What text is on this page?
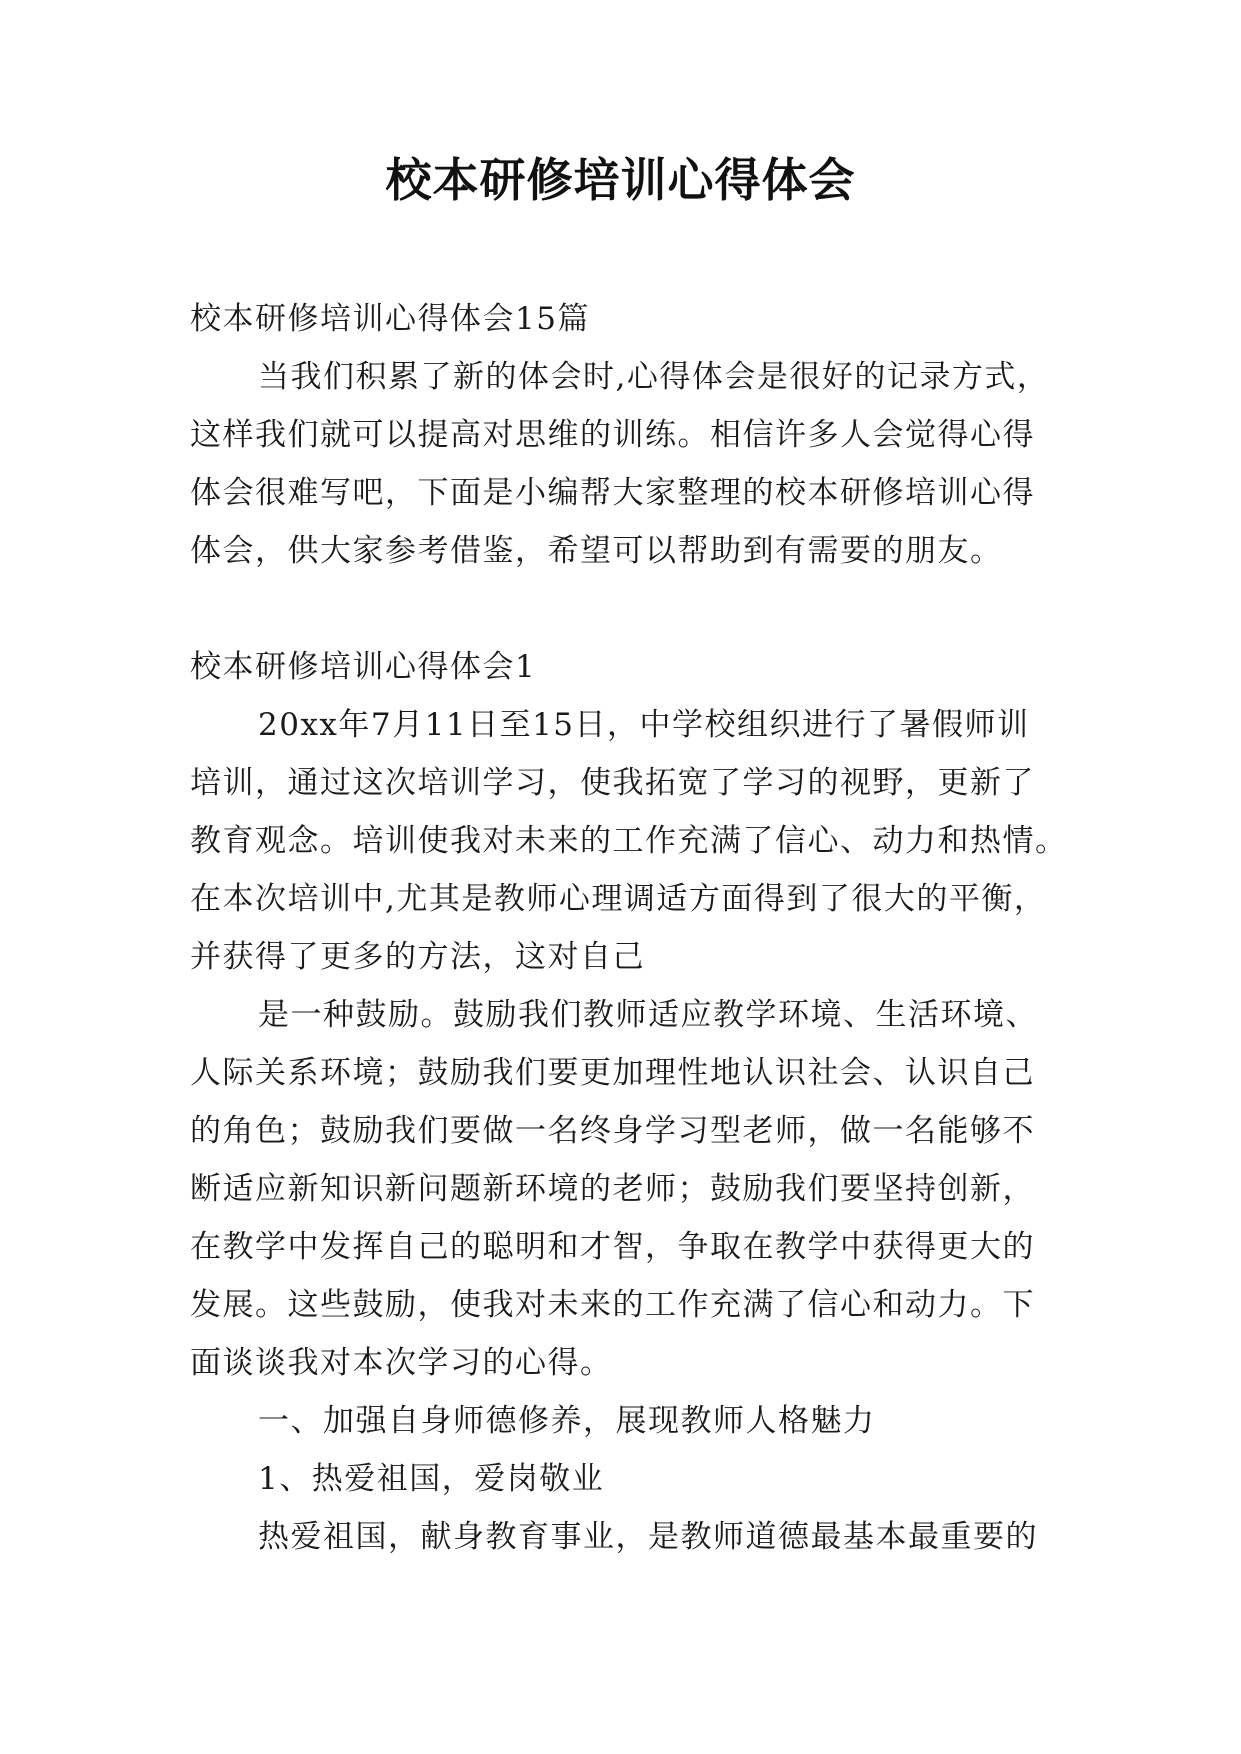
校本研修培训心得体会

校本研修培训心得体会15篇

当我们积累了新的体会时,心得体会是很好的记录方式，

这样我们就可以提高对思维的训练。相信许多人会觉得心得

体会很难写吧，下面是小编帮大家整理的校本研修培训心得

体会，供大家参考借鉴，希望可以帮助到有需要的朋友。

校本研修培训心得体会1

20xx年7月11日至15日，中学校组织进行了暑假师训

培训，通过这次培训学习，使我拓宽了学习的视野，更新了

教育观念。培训使我对未来的工作充满了信心、动力和热情。

在本次培训中,尤其是教师心理调适方面得到了很大的平衡，

并获得了更多的方法，这对自己

是一种鼓励。鼓励我们教师适应教学环境、生活环境、

人际关系环境；鼓励我们要更加理性地认识社会、认识自己

的角色；鼓励我们要做一名终身学习型老师，做一名能够不

断适应新知识新问题新环境的老师；鼓励我们要坚持创新，

在教学中发挥自己的聪明和才智，争取在教学中获得更大的

发展。这些鼓励，使我对未来的工作充满了信心和动力。下

面谈谈我对本次学习的心得。

一、加强自身师德修养，展现教师人格魅力

1、热爱祖国，爱岗敬业

热爱祖国，献身教育事业，是教师道德最基本最重要的
